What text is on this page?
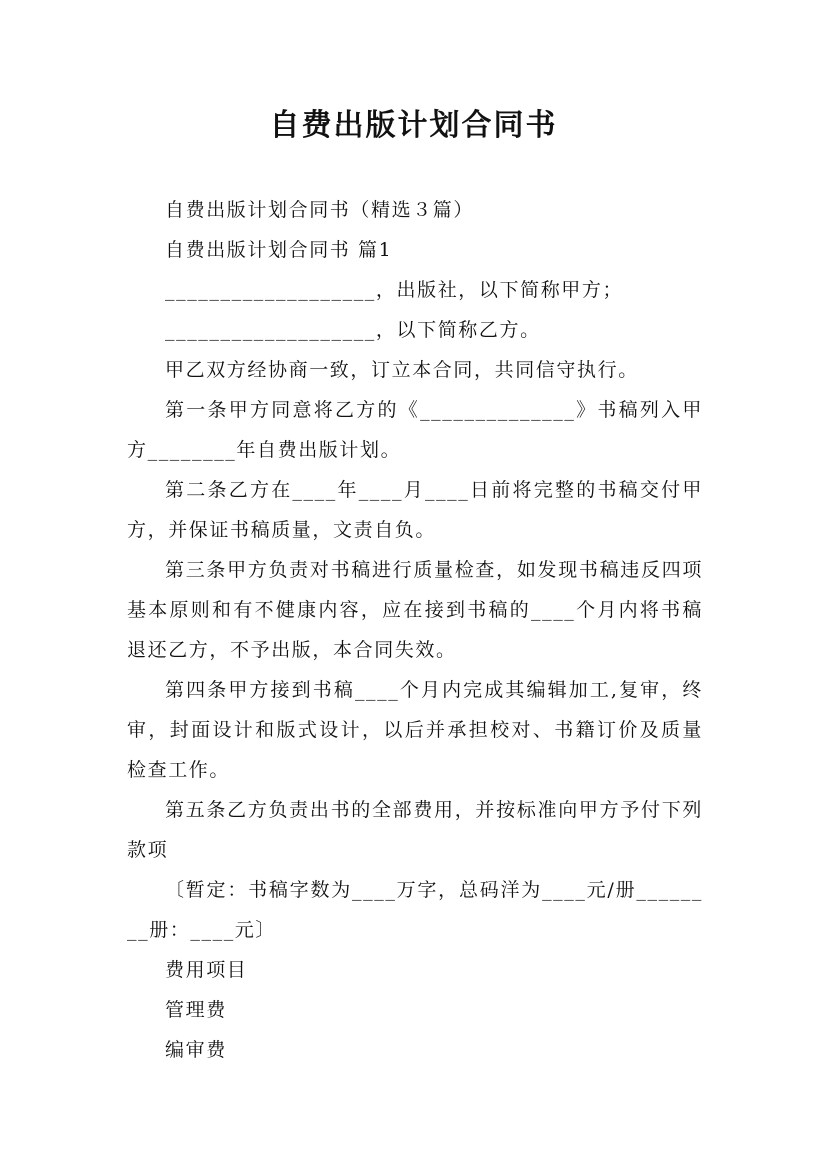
自费出版计划合同书

自费出版计划合同书（精选３篇）

自费出版计划合同书 篇1

___________________，出版社，以下简称甲方；

___________________，以下简称乙方。

甲乙双方经协商一致，订立本合同，共同信守执行。

第一条甲方同意将乙方的《______________》书稿列入甲方________年自费出版计划。

第二条乙方在____年____月____日前将完整的书稿交付甲方，并保证书稿质量，文责自负。

第三条甲方负责对书稿进行质量检查，如发现书稿违反四项基本原则和有不健康内容，应在接到书稿的____个月内将书稿退还乙方，不予出版，本合同失效。

第四条甲方接到书稿____个月内完成其编辑加工,复审，终审，封面设计和版式设计，以后并承担校对、书籍订价及质量检查工作。

第五条乙方负责出书的全部费用，并按标准向甲方予付下列款项

〔暂定：书稿字数为____万字，总码洋为____元/册________册：____元〕

费用项目

管理费

编审费
